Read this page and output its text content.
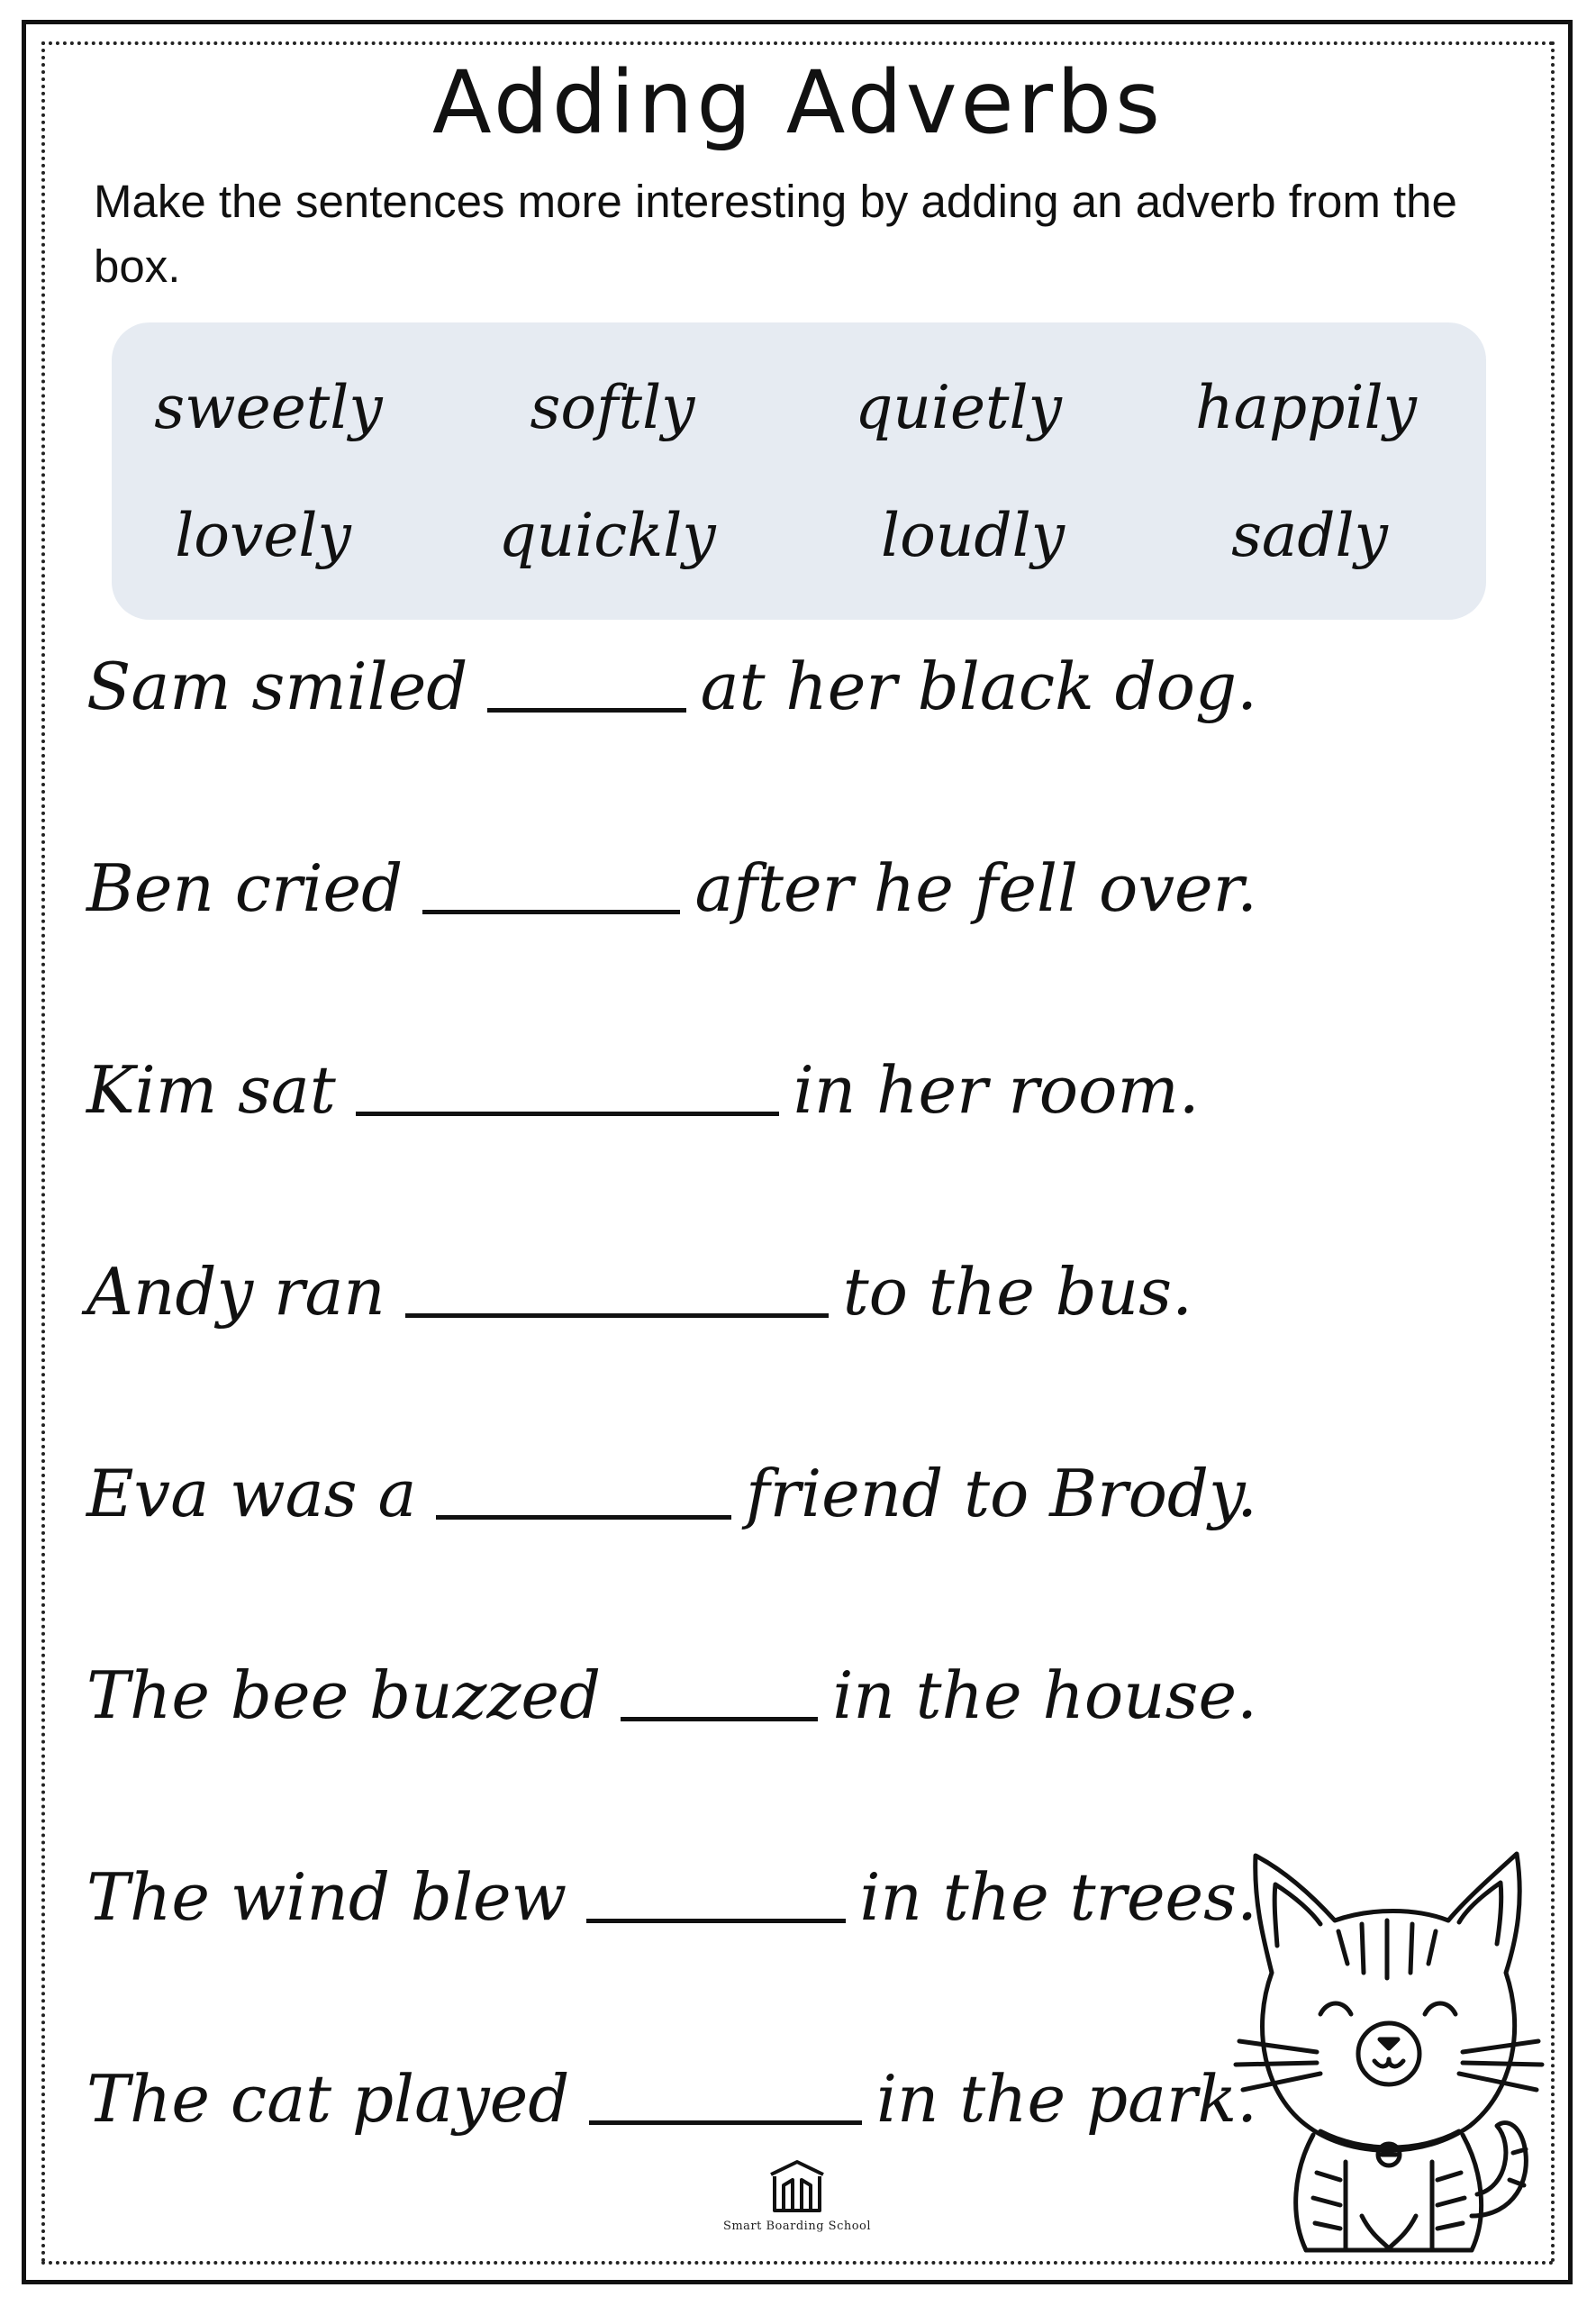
Adding Adverbs
Make the sentences more interesting by adding an adverb from the box.
sweetly	softly	quietly	happily
lovely	quickly	loudly	sadly
Sam smiled	at her black dog.
Ben cried	after he fell over.
Kim sat	in her room.
Andy ran	to the bus.
Eva was a	friend to Brody.
The bee buzzed	in the house.
The wind blew	in the trees.
The cat played	in the park.
Smart Boarding School
